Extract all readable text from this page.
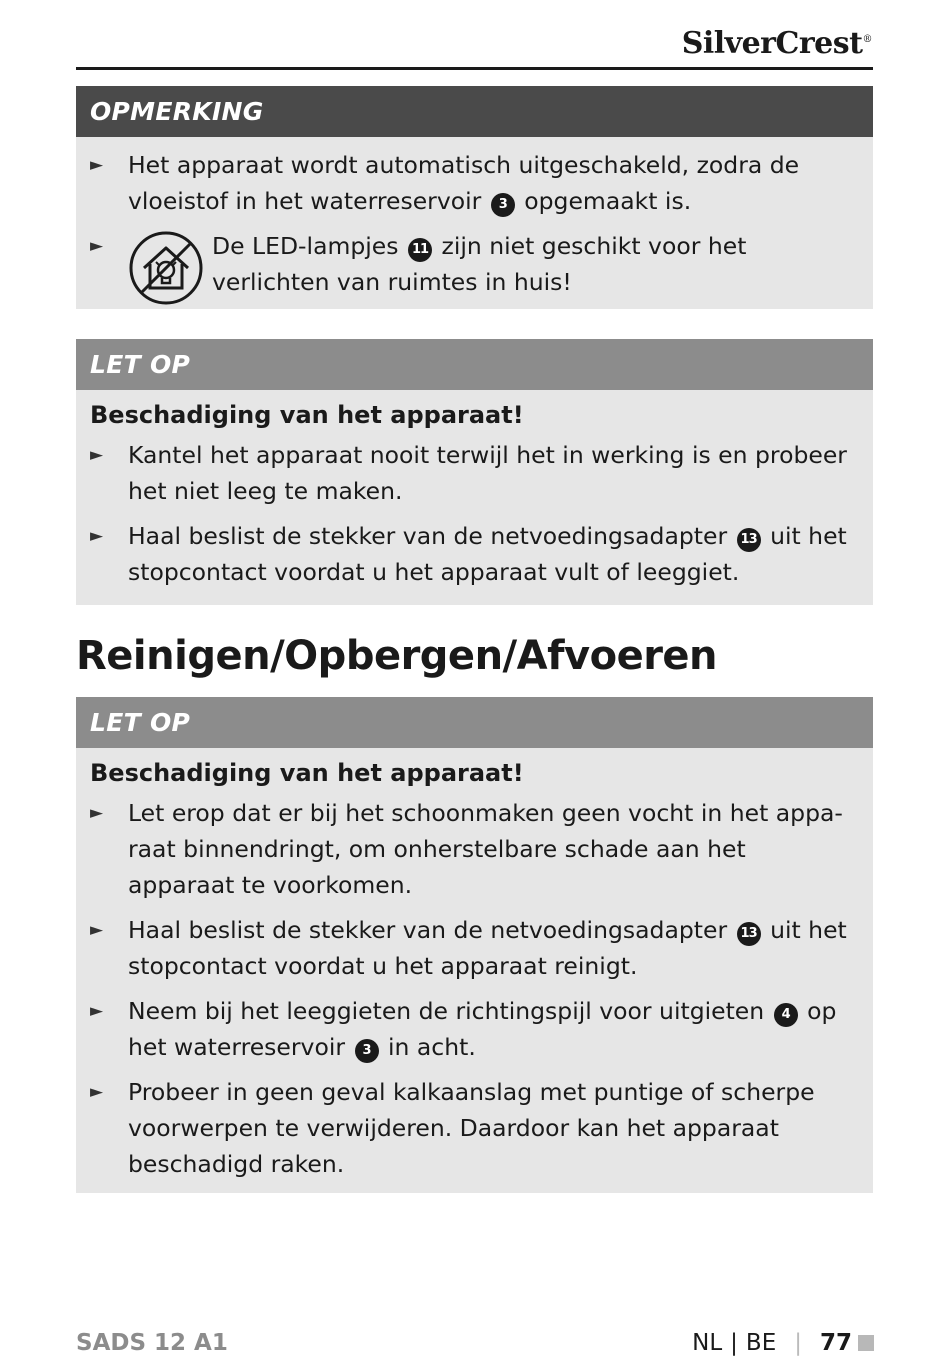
SilverCrest®
OPMERKING
►	Het apparaat wordt automatisch uitgeschakeld, zodra de vloeistof in het waterreservoir 3 opgemaakt is.
►	De LED-lampjes 11 zijn niet geschikt voor het verlichten van ruimtes in huis!
LET OP
Beschadiging van het apparaat!
►	Kantel het apparaat nooit terwijl het in werking is en probeer het niet leeg te maken.
►	Haal beslist de stekker van de netvoedingsadapter 13 uit het stopcontact voordat u het apparaat vult of leeggiet.
Reinigen/Opbergen/Afvoeren
LET OP
Beschadiging van het apparaat!
►	Let erop dat er bij het schoonmaken geen vocht in het appa-raat binnendringt, om onherstelbare schade aan het apparaat te voorkomen.
►	Haal beslist de stekker van de netvoedingsadapter 13 uit het stopcontact voordat u het apparaat reinigt.
►	Neem bij het leeggieten de richtingspijl voor uitgieten 4 op het waterreservoir 3 in acht.
►	Probeer in geen geval kalkaanslag met puntige of scherpe voorwerpen te verwijderen. Daardoor kan het apparaat beschadigd raken.
SADS 12 A1	NL | BE | 77
